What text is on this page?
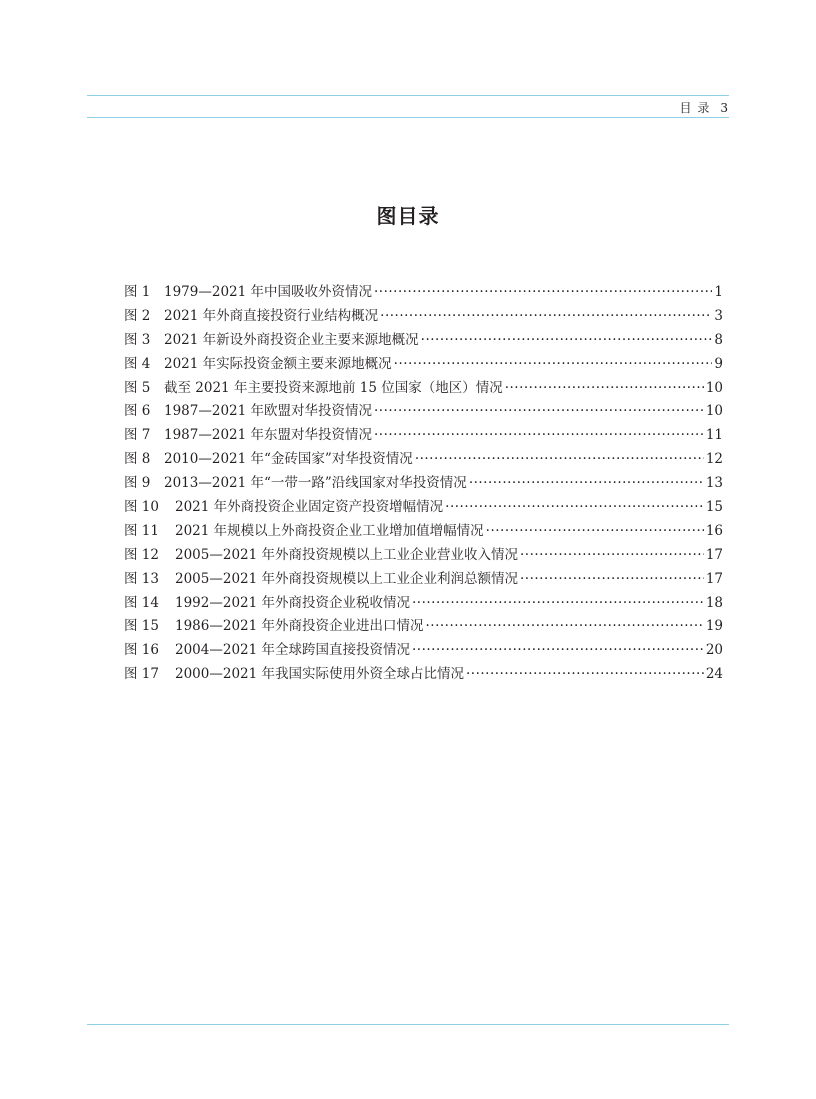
目 录 3
图目录
图 1	1979—2021 年中国吸收外资情况 ·····	1
图 2	2021 年外商直接投资行业结构概况 ·····	3
图 3	2021 年新设外商投资企业主要来源地概况 ·····	8
图 4	2021 年实际投资金额主要来源地概况 ·····	9
图 5	截至 2021 年主要投资来源地前 15 位国家（地区）情况 ·····	10
图 6	1987—2021 年欧盟对华投资情况 ·····	10
图 7	1987—2021 年东盟对华投资情况 ·····	11
图 8	2010—2021 年“金砖国家”对华投资情况 ·····	12
图 9	2013—2021 年“一带一路”沿线国家对华投资情况 ·····	13
图 10	2021 年外商投资企业固定资产投资增幅情况 ·····	15
图 11	2021 年规模以上外商投资企业工业增加值增幅情况 ·····	16
图 12	2005—2021 年外商投资规模以上工业企业营业收入情况 ·····	17
图 13	2005—2021 年外商投资规模以上工业企业利润总额情况 ·····	17
图 14	1992—2021 年外商投资企业税收情况 ·····	18
图 15	1986—2021 年外商投资企业进出口情况 ·····	19
图 16	2004—2021 年全球跨国直接投资情况 ·····	20
图 17	2000—2021 年我国实际使用外资全球占比情况 ·····	24
